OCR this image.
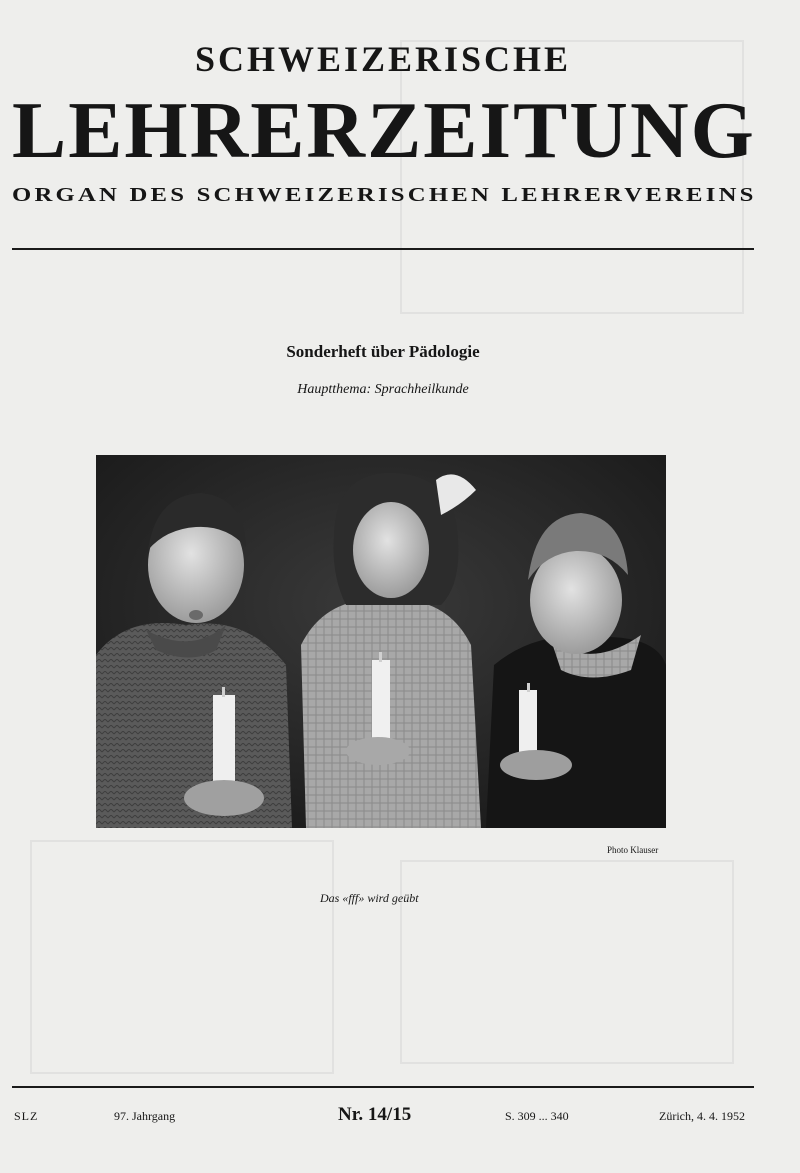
SCHWEIZERISCHE
LEHRERZEITUNG
ORGAN DES SCHWEIZERISCHEN LEHRERVEREINS
Sonderheft über Pädologie
Hauptthema: Sprachheilkunde
Photo Klauser
Das «fff» wird geübt
SLZ	97. Jahrgang	Nr. 14/15	S. 309 ... 340	Zürich, 4. 4. 1952
